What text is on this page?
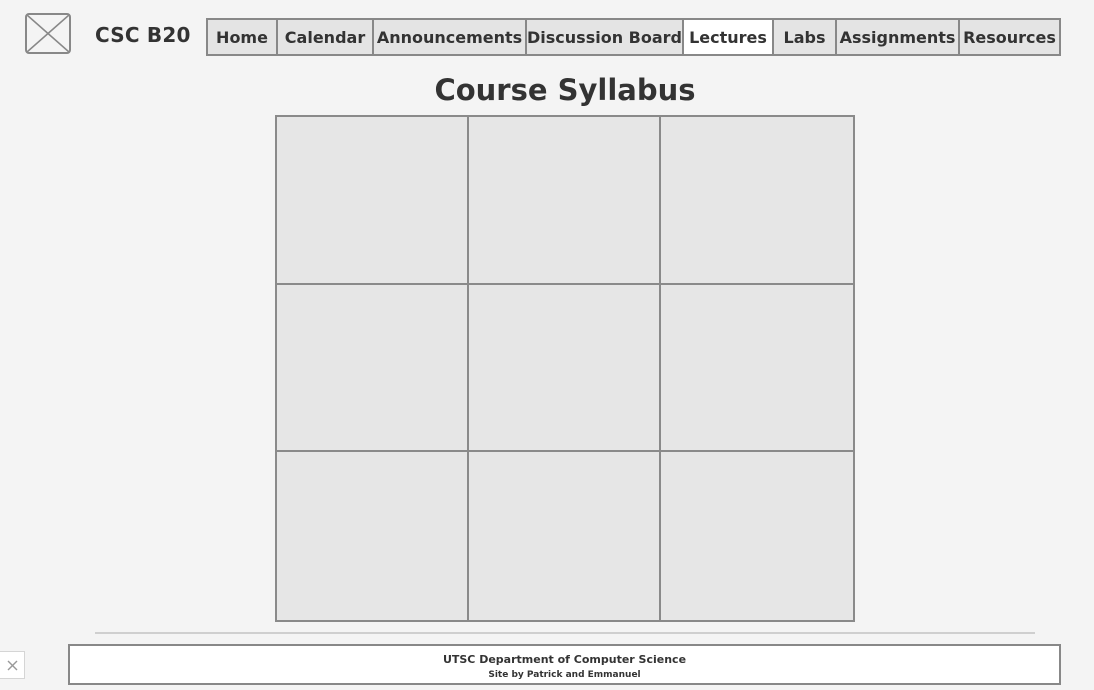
CSC B20	Home	Calendar Announcements Discussion Board Lectures	Labs Assignments Resources
Course Syllabus
UTSC Department of Computer Science
Site by Patrick and Emmanuel
